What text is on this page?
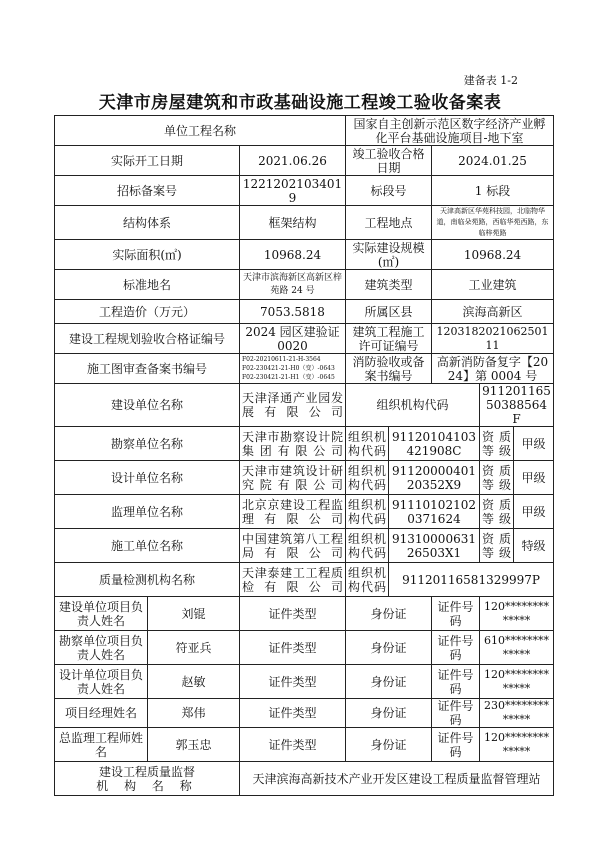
建备表 1-2
天津市房屋建筑和市政基础设施工程竣工验收备案表
单位工程名称			国家自主创新示范区数字经济产业孵化平台基础设施项目-地下室				
实际开工日期		2021.06.26	竣工验收合格日期		2024.01.25		
招标备案号		12212021034019	标段号		1 标段		
结构体系		框架结构	工程地点		天津高新区华苑科技园，北临物华道，南临朵苑路，西临华苑西路，东临梓苑路		
实际面积(㎡)		10968.24	实际建设规模(㎡)		10968.24		
标准地名		天津市滨海新区高新区梓苑路 24 号	建筑类型		工业建筑		
工程造价（万元）		7053.5818	所属区县		滨海高新区		
建设工程规划验收合格证编号		2024 园区建验证 0020	建筑工程施工许可证编号		120318202106250111		
施工图审查备案书编号		F02-20210611-21-H-3564
F02-230421-21-H0（变）-0643
F02-230421-21-H1（变）-0645	消防验收或备案书编号		高新消防备复字【2024】第 0004 号		
建设单位名称		天津泽通产业园发展有限公司	组织机构代码			91120116550388564F	
勘察单位名称		天津市勘察设计院集团有限公司	组织机构代码	91120104103421908C		资质等级	甲级
设计单位名称		天津市建筑设计研究院有限公司	组织机构代码	91120000401203​52X9		资质等级	甲级
监理单位名称		北京京建设工程监理有限公司	组织机构代码	91110102102037​1624		资质等级	甲级
施工单位名称		中国建筑第八工程局有限公司	组织机构代码	91310000631265​03X1		资质等级	特级
质量检测机构名称		天津泰建工工程质检有限公司	组织机构代码	91120116581329997P			
建设单位项目负责人姓名	刘锟	证件类型	身份证		证件号码	120*************	
勘察单位项目负责人姓名	符亚兵	证件类型	身份证		证件号码	610*************	
设计单位项目负责人姓名	赵敏	证件类型	身份证		证件号码	120*************	
项目经理姓名	郑伟	证件类型	身份证		证件号码	230*************	
总监理工程师姓名	郭玉忠	证件类型	身份证		证件号码	120*************	

建设工程质量监督
机 构 名 称		天津滨海高新技术产业开发区建设工程质量监督管理站					
